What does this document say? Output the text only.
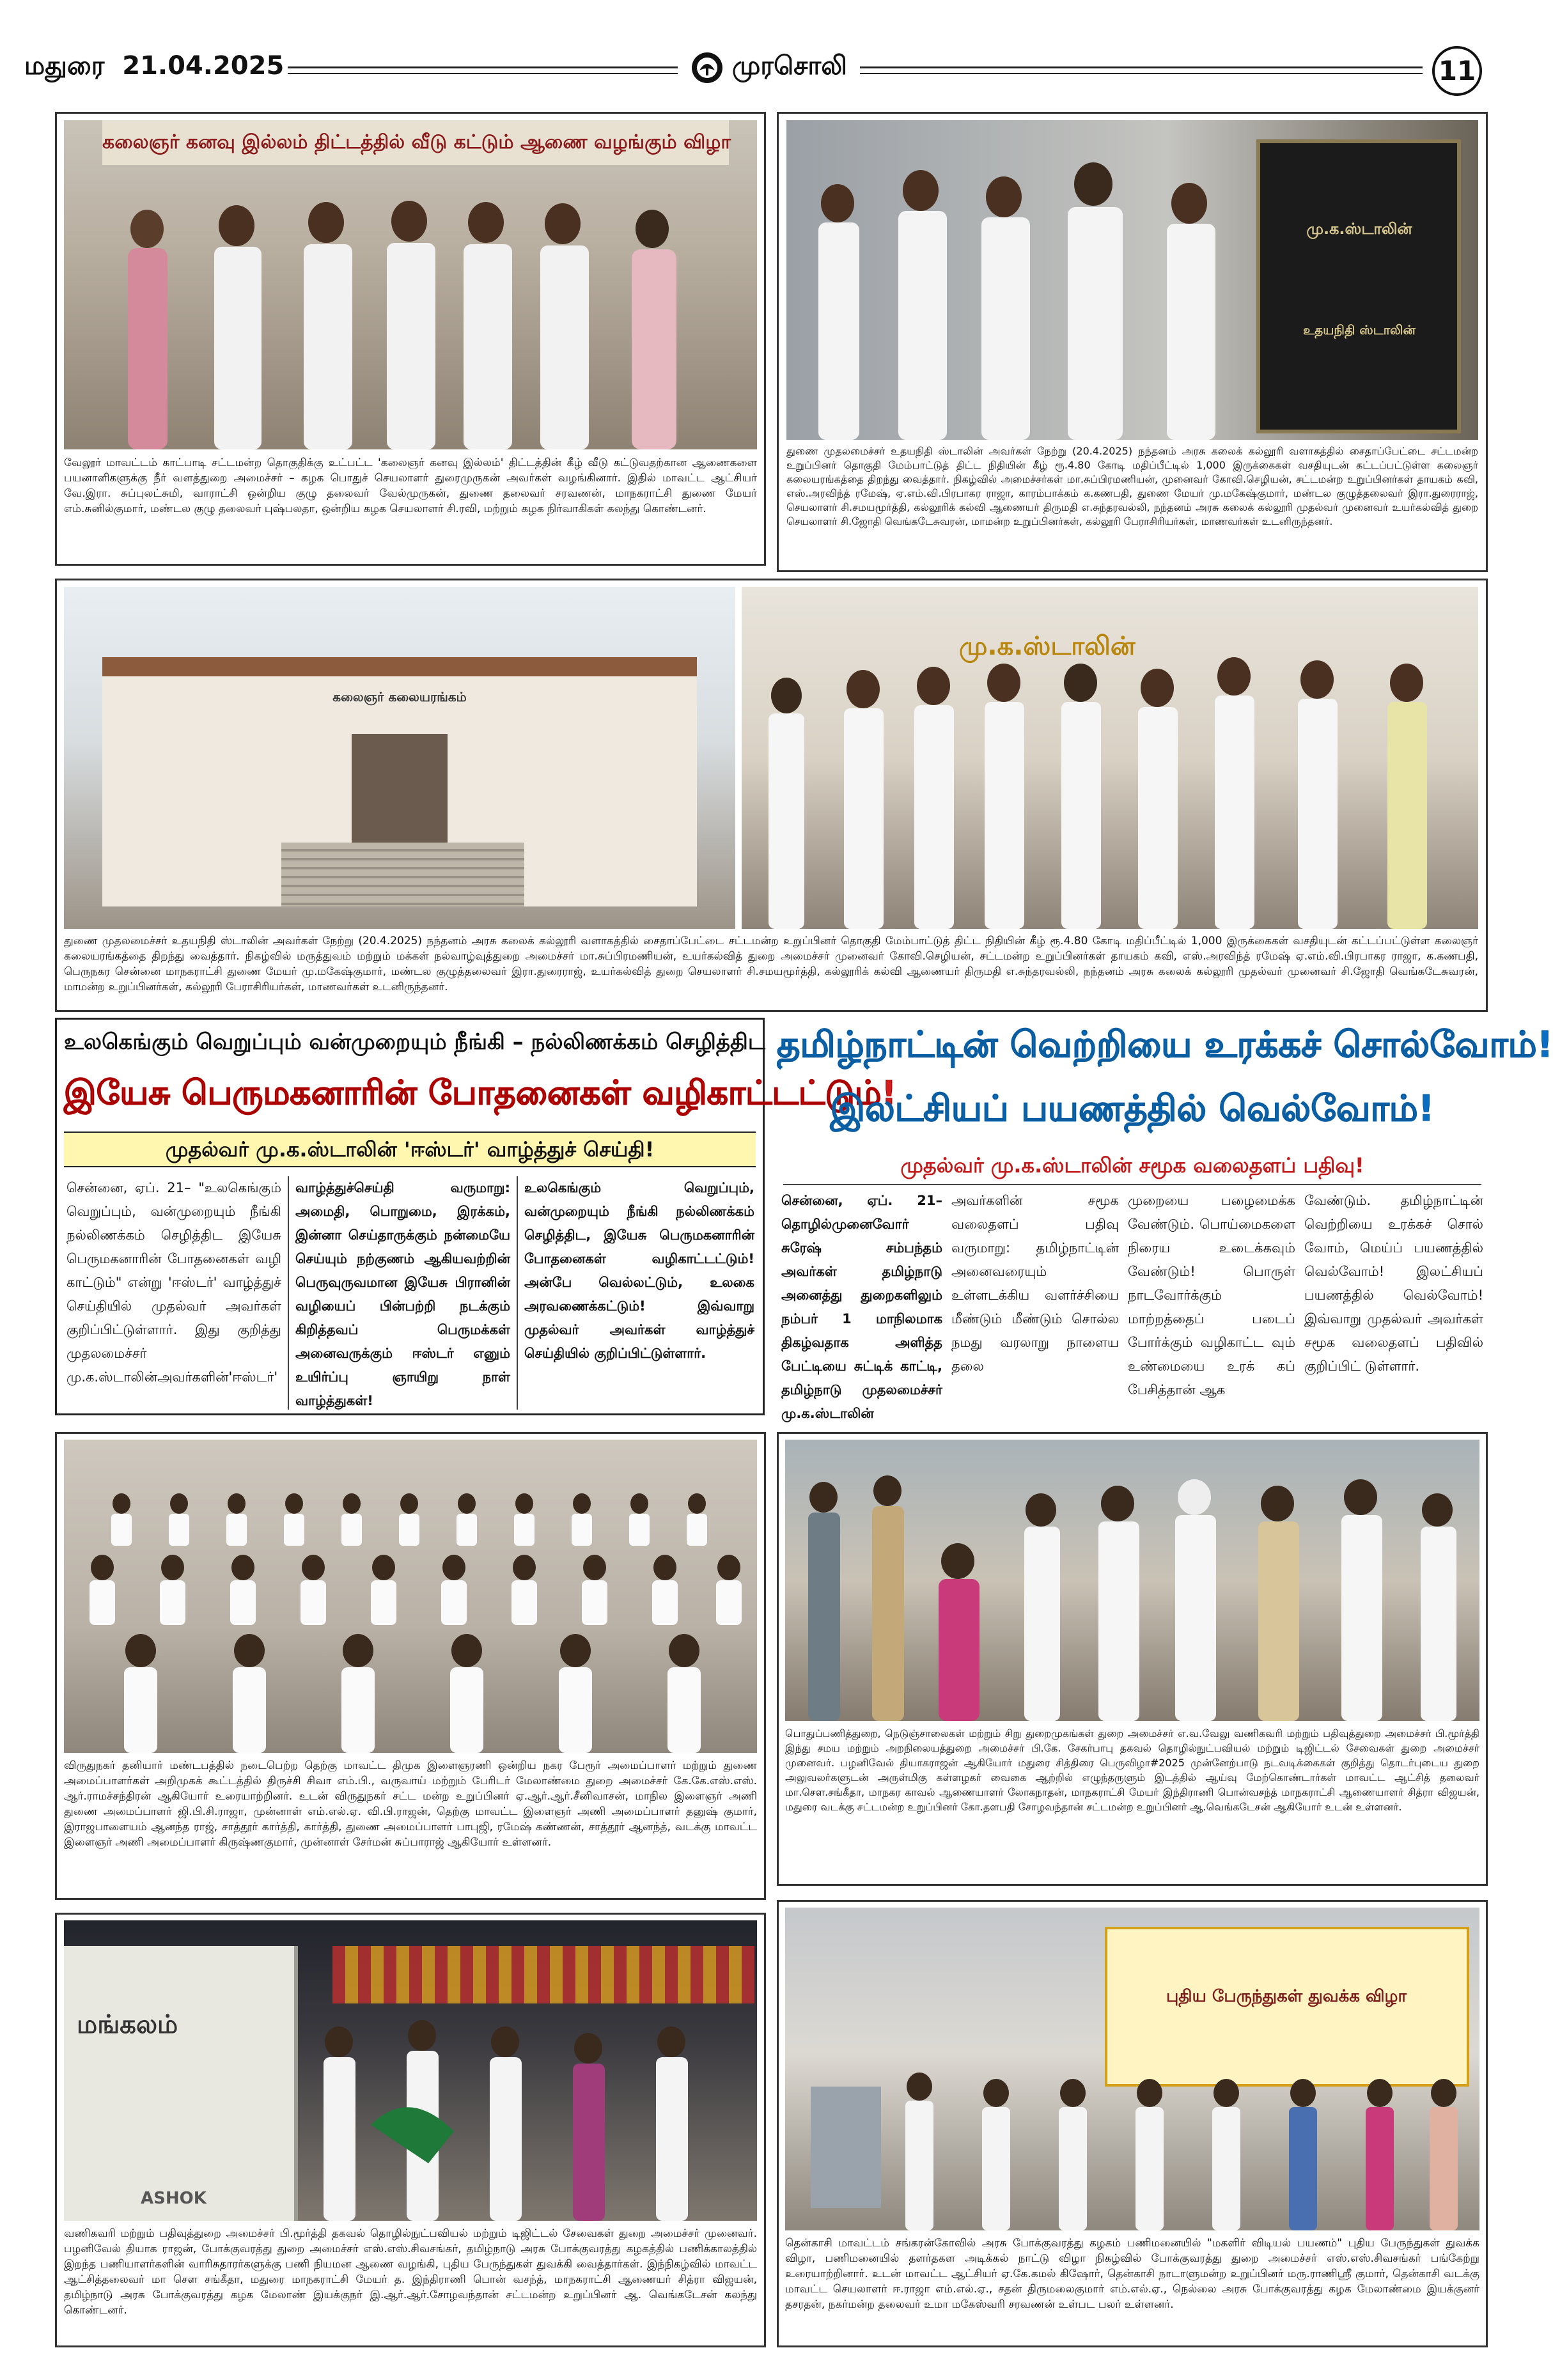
மதுரை  21.04.2025	முரசொலி	11
கலைஞர் கனவு இல்லம் திட்டத்தில் வீடு கட்டும் ஆணை வழங்கும் விழா
வேலூர் மாவட்டம் காட்பாடி சட்டமன்ற தொகுதிக்கு உட்பட்ட 'கலைஞர் கனவு இல்லம்' திட்டத்தின் கீழ் வீடு கட்டுவதற்கான ஆணைகளை பயனாளிகளுக்கு நீர் வளத்துறை அமைச்சர் – கழக பொதுச் செயலாளர் துரைமுருகன் அவர்கள் வழங்கினார். இதில் மாவட்ட ஆட்சியர் வே.இரா. சுப்புலட்சுமி, வாராட்சி ஒன்றிய குழு தலைவர் வேல்முருகன், துணை தலைவர் சரவணன், மாநகராட்சி துணை மேயர் எம்.சுனில்குமார், மண்டல குழு தலைவர் புஷ்பலதா, ஒன்றிய கழக செயலாளர் சி.ரவி, மற்றும் கழக நிர்வாகிகள் கலந்து கொண்டனர்.
மு.க.ஸ்டாலின்
உதயநிதி ஸ்டாலின்
துணை முதலமைச்சர் உதயநிதி ஸ்டாலின் அவர்கள் நேற்று (20.4.2025) நந்தனம் அரசு கலைக் கல்லூரி வளாகத்தில் சைதாப்பேட்டை சட்டமன்ற உறுப்பினர் தொகுதி மேம்பாட்டுத் திட்ட நிதியின் கீழ் ரூ.4.80 கோடி மதிப்பீட்டில் 1,000 இருக்கைகள் வசதியுடன் கட்டப்பட்டுள்ள கலைஞர் கலையரங்கத்தை திறந்து வைத்தார். நிகழ்வில் அமைச்சர்கள் மா.சுப்பிரமணியன், முனைவர் கோவி.செழியன், சட்டமன்ற உறுப்பினர்கள் தாயகம் கவி, எஸ்.அரவிந்த் ரமேஷ், ஏ.எம்.வி.பிரபாகர ராஜா, காரம்பாக்கம் க.கணபதி, துணை மேயர் மு.மகேஷ்குமார், மண்டல குழுத்தலைவர் இரா.துரைராஜ், செயலாளர் சி.சமயமூர்த்தி, கல்லூரிக் கல்வி ஆணையர் திருமதி எ.சுந்தரவல்லி, நந்தனம் அரசு கலைக் கல்லூரி முதல்வர் முனைவர் உயர்கல்வித் துறை செயலாளர் சி.ஜோதி வெங்கடேசுவரன், மாமன்ற உறுப்பினர்கள், கல்லூரி பேராசிரியர்கள், மாணவர்கள் உடனிருந்தனர்.
கலைஞர் கலையரங்கம்
மு.க.ஸ்டாலின்
துணை முதலமைச்சர் உதயநிதி ஸ்டாலின் அவர்கள் நேற்று (20.4.2025) நந்தனம் அரசு கலைக் கல்லூரி வளாகத்தில் சைதாப்பேட்டை சட்டமன்ற உறுப்பினர் தொகுதி மேம்பாட்டுத் திட்ட நிதியின் கீழ் ரூ.4.80 கோடி மதிப்பீட்டில் 1,000 இருக்கைகள் வசதியுடன் கட்டப்பட்டுள்ள கலைஞர் கலையரங்கத்தை திறந்து வைத்தார். நிகழ்வில் மருத்துவம் மற்றும் மக்கள் நல்வாழ்வுத்துறை அமைச்சர் மா.சுப்பிரமணியன், உயர்கல்வித் துறை அமைச்சர் முனைவர் கோவி.செழியன், சட்டமன்ற உறுப்பினர்கள் தாயகம் கவி, எஸ்.அரவிந்த் ரமேஷ் ஏ.எம்.வி.பிரபாகர ராஜா, க.கணபதி, பெருநகர சென்னை மாநகராட்சி துணை மேயர் மு.மகேஷ்குமார், மண்டல குழுத்தலைவர் இரா.துரைராஜ், உயர்கல்வித் துறை செயலாளர் சி.சமயமூர்த்தி, கல்லூரிக் கல்வி ஆணையர் திருமதி எ.சுந்தரவல்லி, நந்தனம் அரசு கலைக் கல்லூரி முதல்வர் முனைவர் சி.ஜோதி வெங்கடேசுவரன், மாமன்ற உறுப்பினர்கள், கல்லூரி பேராசிரியர்கள், மாணவர்கள் உடனிருந்தனர்.
உலகெங்கும் வெறுப்பும் வன்முறையும் நீங்கி – நல்லிணக்கம் செழித்திட
இயேசு பெருமகனாரின் போதனைகள் வழிகாட்டட்டும்!
முதல்வர் மு.க.ஸ்டாலின் 'ஈஸ்டர்' வாழ்த்துச் செய்தி!
சென்னை, ஏப். 21– "உலகெங்கும் வெறுப்பும், வன்முறையும் நீங்கி நல்லிணக்கம் செழித்திட இயேசு பெருமகனாரின் போதனைகள் வழி காட்டும்" என்று 'ஈஸ்டர்' வாழ்த்துச் செய்தியில் முதல்வர் அவர்கள் குறிப்பிட்டுள்ளார். இது குறித்து முதலமைச்சர் மு.க.ஸ்டாலின்அவர்களின்'ஈஸ்டர்'
வாழ்த்துச்செய்தி வருமாறு: அமைதி, பொறுமை, இரக்கம், இன்னா செய்தாருக்கும் நன்மையே செய்யும் நற்குணம் ஆகியவற்றின் பெருவுருவமான இயேசு பிரானின் வழியைப் பின்பற்றி நடக்கும் கிறித்தவப் பெருமக்கள் அனைவருக்கும் ஈஸ்டர் எனும் உயிர்ப்பு ஞாயிறு நாள் வாழ்த்துகள்!
உலகெங்கும் வெறுப்பும், வன்முறையும் நீங்கி நல்லிணக்கம் செழித்திட, இயேசு பெருமகனாரின் போதனைகள் வழிகாட்டட்டும்! அன்பே வெல்லட்டும், உலகை அரவணைக்கட்டும்! இவ்வாறு முதல்வர் அவர்கள் வாழ்த்துச் செய்தியில் குறிப்பிட்டுள்ளார்.
தமிழ்நாட்டின் வெற்றியை உரக்கச் சொல்வோம்!
இலட்சியப் பயணத்தில் வெல்வோம்!
முதல்வர் மு.க.ஸ்டாலின் சமூக வலைதளப் பதிவு!
சென்னை, ஏப். 21– தொழில்முனைவோர் சுரேஷ் சம்பந்தம் அவர்கள் தமிழ்நாடு அனைத்து துறைகளிலும் நம்பர் 1 மாநிலமாக திகழ்வதாக அளித்த பேட்டியை சுட்டிக் காட்டி, தமிழ்நாடு முதலமைச்சர் மு.க.ஸ்டாலின்
அவர்களின் சமூக வலைதளப் பதிவு வருமாறு: தமிழ்நாட்டின் அனைவரையும் உள்ளடக்கிய வளர்ச்சியை மீண்டும் மீண்டும் சொல்ல நமது வரலாறு நாளைய தலை
முறையை பழைமைக்க வேண்டும். பொய்மைகளை நிரைய உடைக்கவும் வேண்டும்! பொருள் நாடவோர்க்கும் மாற்றத்தைப் படைப் போர்க்கும் வழிகாட்ட வும் உண்மையை உரக் கப் பேசித்தான் ஆக
வேண்டும். தமிழ்நாட்டின் வெற்றியை உரக்கச் சொல் வோம், மெய்ப் பயணத்தில் வெல்வோம்! இலட்சியப் பயணத்தில் வெல்வோம்! இவ்வாறு முதல்வர் அவர்கள் சமூக வலைதளப் பதிவில் குறிப்பிட் டுள்ளார்.
விருதுநகர் தனியார் மண்டபத்தில் நடைபெற்ற தெற்கு மாவட்ட திமுக இளைஞரணி ஒன்றிய நகர பேரூர் அமைப்பாளர் மற்றும் துணை அமைப்பாளர்கள் அறிமுகக் கூட்டத்தில் திருச்சி சிவா எம்.பி., வருவாய் மற்றும் பேரிடர் மேலாண்மை துறை அமைச்சர் கே.கே.எஸ்.எஸ். ஆர்.ராமச்சந்திரன் ஆகியோர் உரையாற்றினர். உடன் விருதுநகர் சட்ட மன்ற உறுப்பினர் ஏ.ஆர்.ஆர்.சீனிவாசன், மாநில இளைஞர் அணி துணை அமைப்பாளர் ஜி.பி.சி.ராஜா, முன்னாள் எம்.எல்.ஏ. வி.பி.ராஜன், தெற்கு மாவட்ட இளைஞர் அணி அமைப்பாளர் தனுஷ் குமார், இராஜபாளையம் ஆனந்த ராஜ், சாத்தூர் கார்த்தி, கார்த்தி, துணை அமைப்பாளர் பாபுஜி, ரமேஷ் கண்ணன், சாத்தூர் ஆனந்த், வடக்கு மாவட்ட இளைஞர் அணி அமைப்பாளர் கிருஷ்ணகுமார், முன்னாள் சேர்மன் சுப்பாராஜ் ஆகியோர் உள்ளனர்.
பொதுப்பணித்துறை, நெடுஞ்சாலைகள் மற்றும் சிறு துறைமுகங்கள் துறை அமைச்சர் எ.வ.வேலு வணிகவரி மற்றும் பதிவுத்துறை அமைச்சர் பி.மூர்த்தி இந்து சமய மற்றும் அறநிலையத்துறை அமைச்சர் பி.கே. சேகர்பாபு தகவல் தொழில்நுட்பவியல் மற்றும் டிஜிட்டல் சேவைகள் துறை அமைச்சர் முனைவர். பழனிவேல் தியாகராஜன் ஆகியோர் மதுரை சித்திரை பெருவிழா#2025 முன்னேற்பாடு நடவடிக்கைகள் குறித்து தொடர்புடைய துறை அலுவலர்களுடன் அருள்மிகு கள்ளழகர் வைகை ஆற்றில் எழுந்தருளும் இடத்தில் ஆய்வு மேற்கொண்டார்கள் மாவட்ட ஆட்சித் தலைவர் மா.சௌ.சங்கீதா, மாநகர காவல் ஆணையாளர் லோகநாதன், மாநகராட்சி மேயர் இந்திராணி பொன்வசந்த் மாநகராட்சி ஆணையாளர் சித்ரா விஜயன், மதுரை வடக்கு சட்டமன்ற உறுப்பினர் கோ.தளபதி சோழவந்தான் சட்டமன்ற உறுப்பினர் ஆ.வெங்கடேசன் ஆகியோர் உடன் உள்ளனர்.
மங்கலம்
ASHOK
வணிகவரி மற்றும் பதிவுத்துறை அமைச்சர் பி.மூர்த்தி தகவல் தொழில்நுட்பவியல் மற்றும் டிஜிட்டல் சேவைகள் துறை அமைச்சர் முனைவர். பழனிவேல் தியாக ராஜன், போக்குவரத்து துறை அமைச்சர் எஸ்.எஸ்.சிவசங்கர், தமிழ்நாடு அரசு போக்குவரத்து கழகத்தில் பணிக்காலத்தில் இறந்த பணியாளர்களின் வாரிசுதாரர்களுக்கு பணி நியமன ஆணை வழங்கி, புதிய பேருந்துகள் துவக்கி வைத்தார்கள். இந்நிகழ்வில் மாவட்ட ஆட்சித்தலைவர் மா சௌ சங்கீதா, மதுரை மாநகராட்சி மேயர் த. இந்திராணி பொன் வசந்த், மாநகராட்சி ஆணையர் சித்ரா விஜயன், தமிழ்நாடு அரசு போக்குவரத்து கழக மேலாண் இயக்குநர் இ.ஆர்.ஆர்.சோழவந்தான் சட்டமன்ற உறுப்பினர் ஆ. வெங்கடேசன் கலந்து கொண்டனர்.
புதிய பேருந்துகள் துவக்க விழா
தென்காசி மாவட்டம் சங்கரன்கோவில் அரசு போக்குவரத்து கழகம் பணிமனையில் "மகளிர் விடியல் பயணம்" புதிய பேருந்துகள் துவக்க விழா, பணிமனையில் தளர்தகள அடிக்கல் நாட்டு விழா நிகழ்வில் போக்குவரத்து துறை அமைச்சர் எஸ்.எஸ்.சிவசங்கர் பங்கேற்று உரையாற்றினார். உடன் மாவட்ட ஆட்சியர் ஏ.கே.கமல் கிஷோர், தென்காசி நாடாளுமன்ற உறுப்பினர் மரு.ராணிஸ்ரீ குமார், தென்காசி வடக்கு மாவட்ட செயலாளர் ஈ.ராஜா எம்.எல்.ஏ., சதன் திருமலைகுமார் எம்.எல்.ஏ., நெல்லை அரசு போக்குவரத்து கழக மேலாண்மை இயக்குனர் தசரதன், நகர்மன்ற தலைவர் உமா மகேஸ்வரி சரவணன் உள்பட பலர் உள்ளனர்.
